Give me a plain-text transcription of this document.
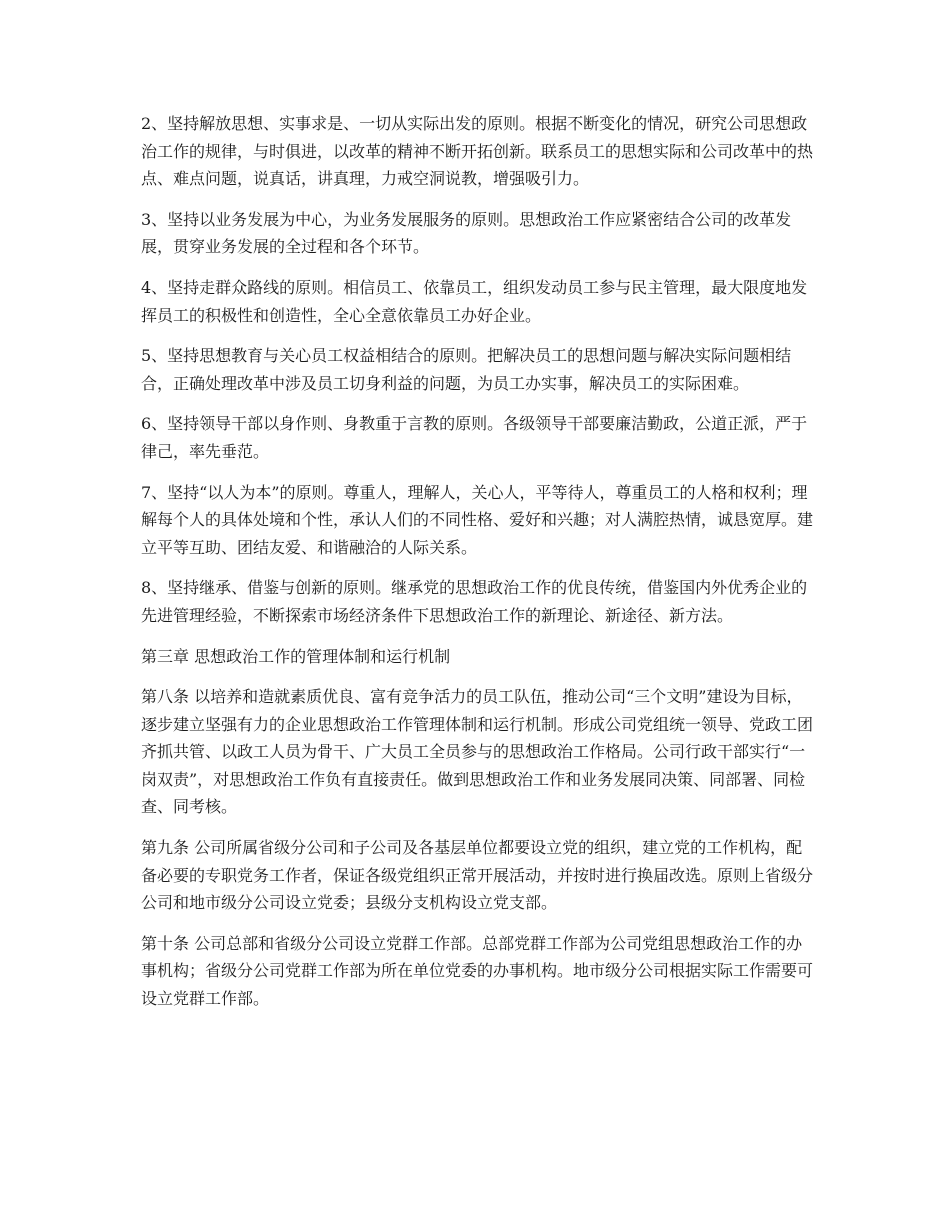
2、坚持解放思想、实事求是、一切从实际出发的原则。根据不断变化的情况，研究公司思想政治工作的规律，与时俱进，以改革的精神不断开拓创新。联系员工的思想实际和公司改革中的热点、难点问题，说真话，讲真理，力戒空洞说教，增强吸引力。

3、坚持以业务发展为中心，为业务发展服务的原则。思想政治工作应紧密结合公司的改革发展，贯穿业务发展的全过程和各个环节。

4、坚持走群众路线的原则。相信员工、依靠员工，组织发动员工参与民主管理，最大限度地发挥员工的积极性和创造性，全心全意依靠员工办好企业。

5、坚持思想教育与关心员工权益相结合的原则。把解决员工的思想问题与解决实际问题相结合，正确处理改革中涉及员工切身利益的问题，为员工办实事，解决员工的实际困难。

6、坚持领导干部以身作则、身教重于言教的原则。各级领导干部要廉洁勤政，公道正派，严于律己，率先垂范。

7、坚持“以人为本”的原则。尊重人，理解人，关心人，平等待人，尊重员工的人格和权利；理解每个人的具体处境和个性，承认人们的不同性格、爱好和兴趣；对人满腔热情，诚恳宽厚。建立平等互助、团结友爱、和谐融洽的人际关系。

8、坚持继承、借鉴与创新的原则。继承党的思想政治工作的优良传统，借鉴国内外优秀企业的先进管理经验，不断探索市场经济条件下思想政治工作的新理论、新途径、新方法。

第三章 思想政治工作的管理体制和运行机制

第八条 以培养和造就素质优良、富有竞争活力的员工队伍，推动公司“三个文明”建设为目标，逐步建立坚强有力的企业思想政治工作管理体制和运行机制。形成公司党组统一领导、党政工团齐抓共管、以政工人员为骨干、广大员工全员参与的思想政治工作格局。公司行政干部实行“一岗双责”，对思想政治工作负有直接责任。做到思想政治工作和业务发展同决策、同部署、同检查、同考核。

第九条 公司所属省级分公司和子公司及各基层单位都要设立党的组织，建立党的工作机构，配备必要的专职党务工作者，保证各级党组织正常开展活动，并按时进行换届改选。原则上省级分公司和地市级分公司设立党委；县级分支机构设立党支部。

第十条 公司总部和省级分公司设立党群工作部。总部党群工作部为公司党组思想政治工作的办事机构；省级分公司党群工作部为所在单位党委的办事机构。地市级分公司根据实际工作需要可设立党群工作部。
